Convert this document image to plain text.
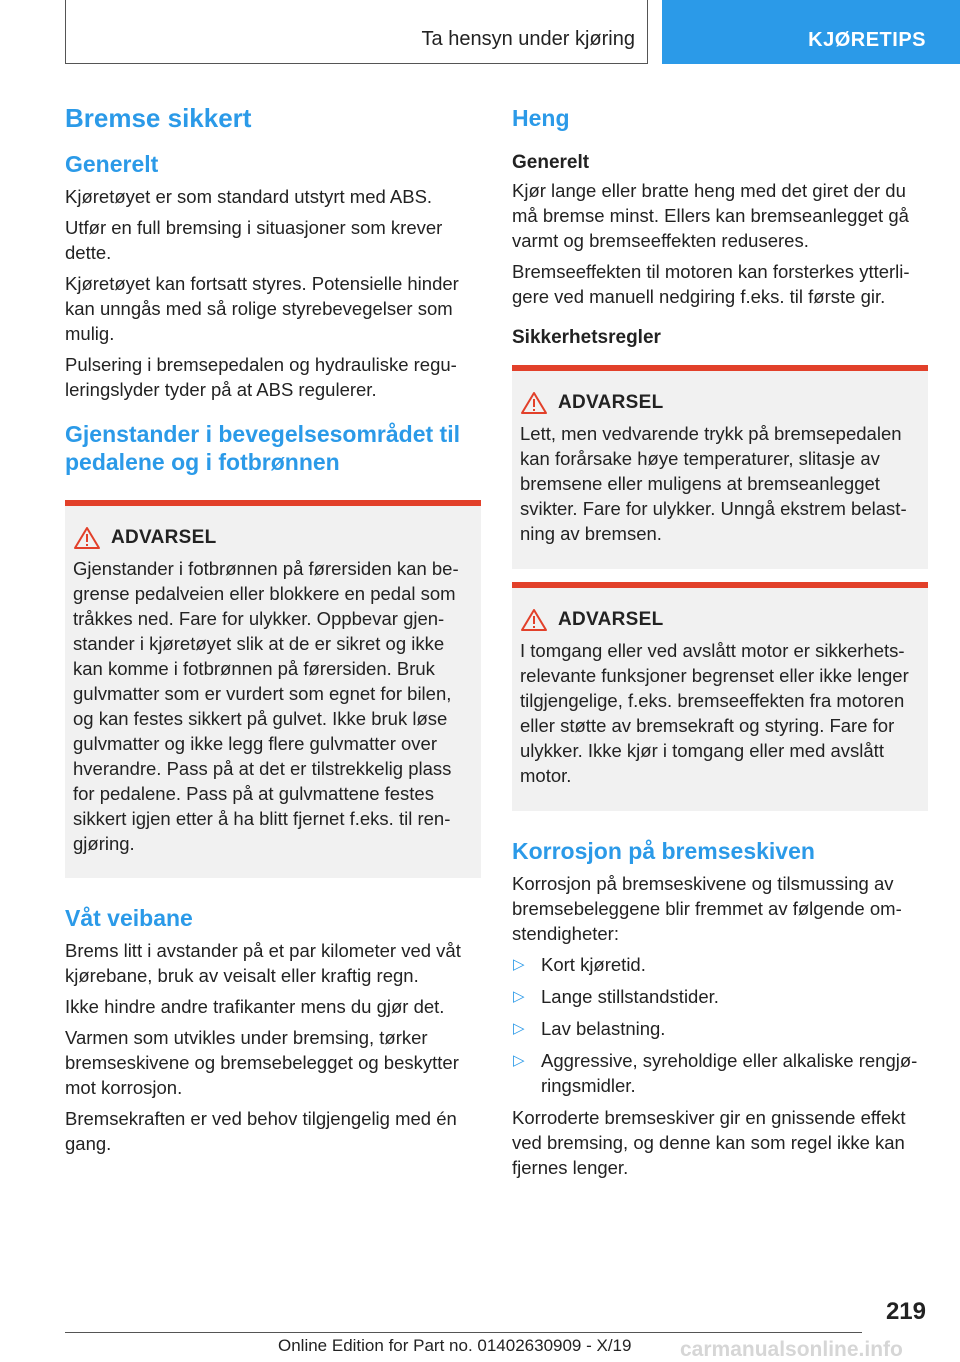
Ta hensyn under kjøring	KJØRETIPS
Bremse sikkert
Generelt

Kjøretøyet er som standard utstyrt med ABS.

Utfør en full bremsing i situasjoner som krever dette.

Kjøretøyet kan fortsatt styres. Potensielle hinder kan unngås med så rolige styrebevegelser som mulig.

Pulsering i bremsepedalen og hydrauliske reguleringslyder tyder på at ABS regulerer.

Gjenstander i bevegelsesområdet til pedalene og i fotbrønnen
ADVARSEL

Gjenstander i fotbrønnen på førersiden kan begrense pedalveien eller blokkere en pedal som tråkkes ned. Fare for ulykker. Oppbevar gjenstander i kjøretøyet slik at de er sikret og ikke kan komme i fotbrønnen på førersiden. Bruk gulvmatter som er vurdert som egnet for bilen, og kan festes sikkert på gulvet. Ikke bruk løse gulvmatter og ikke legg flere gulvmatter over hverandre. Pass på at det er tilstrekkelig plass for pedalene. Pass på at gulvmattene festes sikkert igjen etter å ha blitt fjernet f.eks. til rengjøring.

Våt veibane

Brems litt i avstander på et par kilometer ved våt kjørebane, bruk av veisalt eller kraftig regn.

Ikke hindre andre trafikanter mens du gjør det.

Varmen som utvikles under bremsing, tørker bremseskivene og bremsebelegget og beskytter mot korrosjon.

Bremsekraften er ved behov tilgjengelig med én gang.

Heng
Generelt

Kjør lange eller bratte heng med det giret der du må bremse minst. Ellers kan bremseanlegget gå varmt og bremseeffekten reduseres.

Bremseeffekten til motoren kan forsterkes ytterligere ved manuell nedgiring f.eks. til første gir.

Sikkerhetsregler
ADVARSEL

Lett, men vedvarende trykk på bremsepedalen kan forårsake høye temperaturer, slitasje av bremsene eller muligens at bremseanlegget svikter. Fare for ulykker. Unngå ekstrem belastning av bremsen.

ADVARSEL

I tomgang eller ved avslått motor er sikkerhetsrelevante funksjoner begrenset eller ikke lenger tilgjengelige, f.eks. bremseeffekten fra motoren eller støtte av bremsekraft og styring. Fare for ulykker. Ikke kjør i tomgang eller med avslått motor.

Korrosjon på bremseskiven

Korrosjon på bremseskivene og tilsmussing av bremsebeleggene blir fremmet av følgende omstendigheter:

▷ Kort kjøretid.
▷ Lange stillstandstider.
▷ Lav belastning.
▷ Aggressive, syreholdige eller alkaliske rengjøringsmidler.

Korroderte bremseskiver gir en gnissende effekt ved bremsing, og denne kan som regel ikke kan fjernes lenger.

219
Online Edition for Part no. 01402630909 - X/19 carmanualsonline.info
